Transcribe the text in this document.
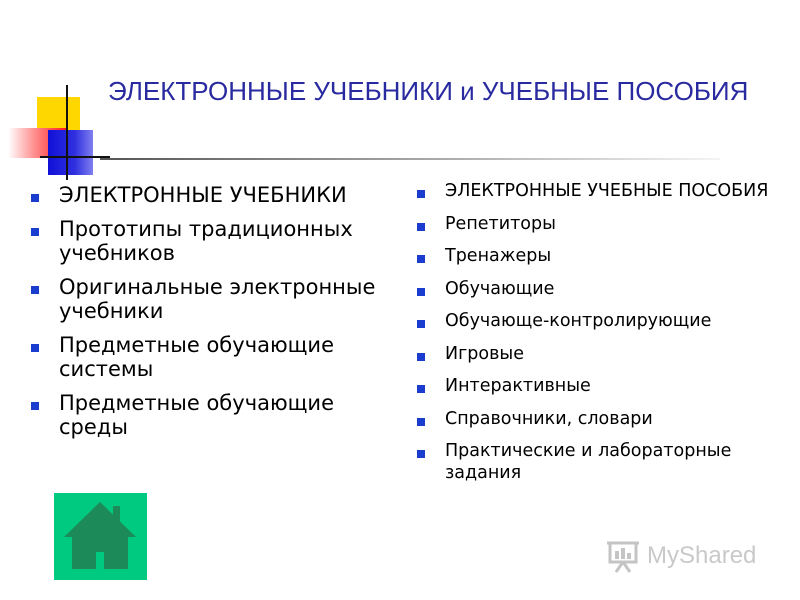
ЭЛЕКТРОННЫЕ УЧЕБНИКИ и УЧЕБНЫЕ ПОСОБИЯ
ЭЛЕКТРОННЫЕ УЧЕБНИКИ
Прототипы традиционных учебников
Оригинальные электронные учебники
Предметные обучающие системы
Предметные обучающие среды
ЭЛЕКТРОННЫЕ УЧЕБНЫЕ ПОСОБИЯ
Репетиторы
Тренажеры
Обучающие
Обучающе-контролирующие
Игровые
Интерактивные
Справочники, словари
Практические и лабораторные задания
MyShared
